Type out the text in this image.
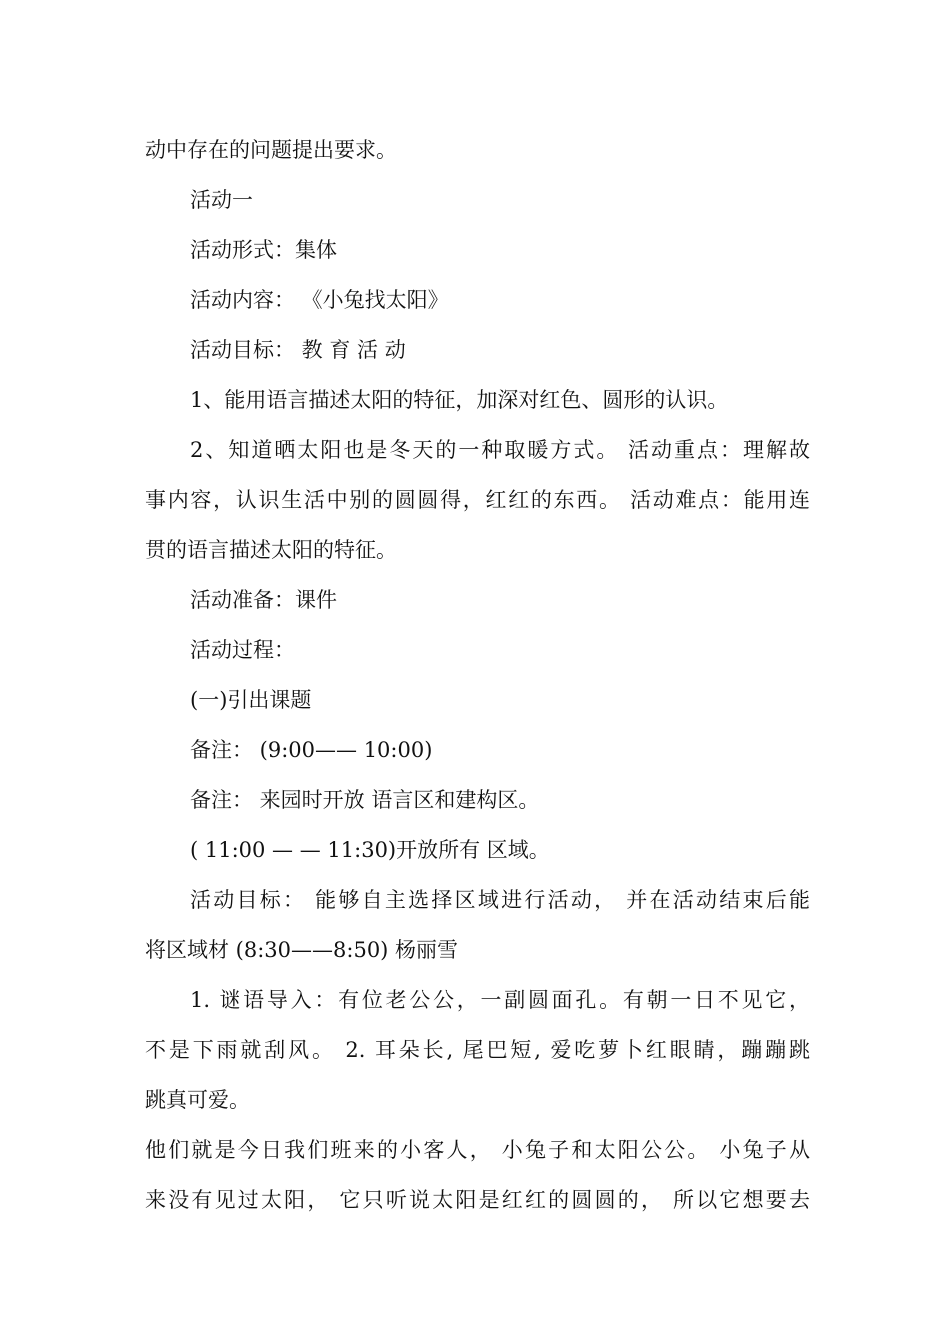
动中存在的问题提出要求。
活动一
活动形式：集体
活动内容： 《小兔找太阳》
活动目标： 教 育 活 动
1、能用语言描述太阳的特征，加深对红色、圆形的认识。
2、知道晒太阳也是冬天的一种取暖方式。 活动重点：理解故
事内容，认识生活中别的圆圆得，红红的东西。 活动难点：能用连
贯的语言描述太阳的特征。
活动准备：课件
活动过程：
(一)引出课题
备注： (9:00—— 10:00)
备注： 来园时开放 语言区和建构区。
( 11:00 — — 11:30)开放所有 区域。
活动目标： 能够自主选择区域进行活动， 并在活动结束后能
将区域材 (8:30——8:50) 杨丽雪
1. 谜语导入：有位老公公，一副圆面孔。有朝一日不见它，
不是下雨就刮风。 2. 耳朵长, 尾巴短, 爱吃萝卜红眼睛，蹦蹦跳
跳真可爱。
他们就是今日我们班来的小客人， 小兔子和太阳公公。 小兔子从
来没有见过太阳， 它只听说太阳是红红的圆圆的， 所以它想要去
